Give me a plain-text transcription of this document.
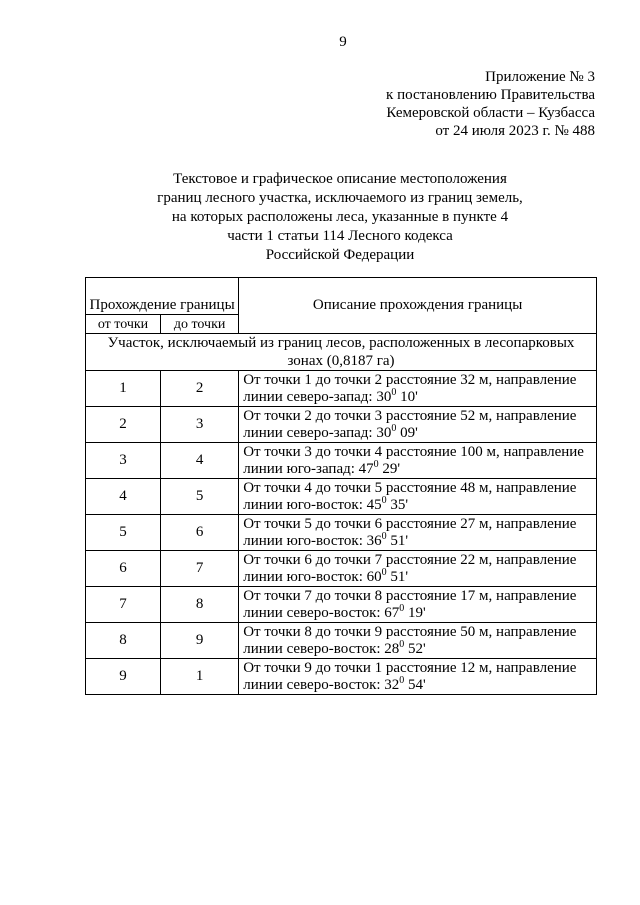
9
Приложение № 3
к постановлению Правительства
Кемеровской области – Кузбасса
от 24 июля 2023 г. № 488
Текстовое и графическое описание местоположения
границ лесного участка, исключаемого из границ земель,
на которых расположены леса, указанные в пункте 4
части 1 статьи 114 Лесного кодекса
Российской Федерации
Прохождение границы		Описание прохождения границы
от точки	до точки	
Участок, исключаемый из границ лесов, расположенных в лесопарковых зонах (0,8187 га)		
1	2	От точки 1 до точки 2 расстояние 32 м, направление
линии северо-запад: $30^0$ 10'

2	3	От точки 2 до точки 3 расстояние 52 м, направление
линии северо-запад: $30^0$ 09'

3	4	От точки 3 до точки 4 расстояние 100 м, направление
линии юго-запад: $47^0$ 29'

4	5	От точки 4 до точки 5 расстояние 48 м, направление
линии юго-восток: $45^0$ 35'

5	6	От точки 5 до точки 6 расстояние 27 м, направление
линии юго-восток: $36^0$ 51'

6	7	От точки 6 до точки 7 расстояние 22 м, направление
линии юго-восток: $60^0$ 51'

7	8	От точки 7 до точки 8 расстояние 17 м, направление
линии северо-восток: $67^0$ 19'

8	9	От точки 8 до точки 9 расстояние 50 м, направление
линии северо-восток: $28^0$ 52'

9	1	От точки 9 до точки 1 расстояние 12 м, направление
линии северо-восток: $32^0$ 54'
